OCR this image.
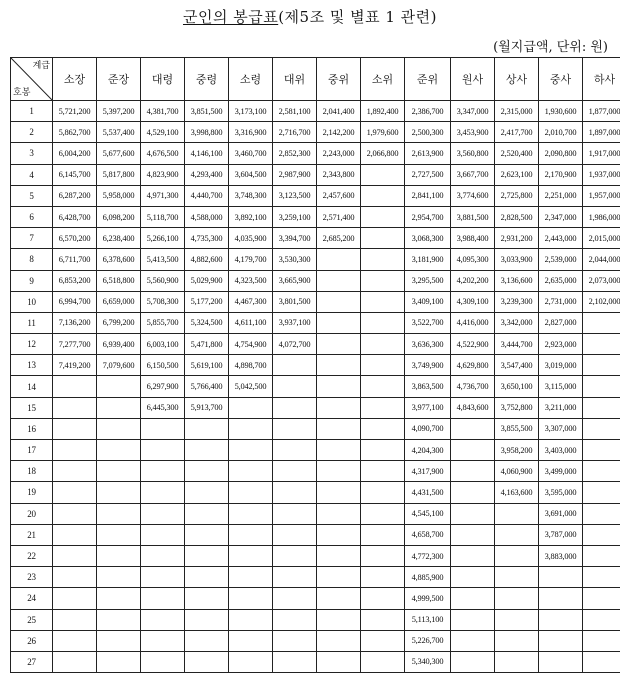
군인의 봉급표(제5조 및 별표 1 관련)
(월지급액, 단위: 원)
계급
호봉	소장	준장	대령	중령	소령	대위	중위	소위	준위	원사	상사	중사	하사
1	5,721,200	5,397,200	4,381,700	3,851,500	3,173,100	2,581,100	2,041,400	1,892,400	2,386,700	3,347,000	2,315,000	1,930,600	1,877,000
2	5,862,700	5,537,400	4,529,100	3,998,800	3,316,900	2,716,700	2,142,200	1,979,600	2,500,300	3,453,900	2,417,700	2,010,700	1,897,000
3	6,004,200	5,677,600	4,676,500	4,146,100	3,460,700	2,852,300	2,243,000	2,066,800	2,613,900	3,560,800	2,520,400	2,090,800	1,917,000
4	6,145,700	5,817,800	4,823,900	4,293,400	3,604,500	2,987,900	2,343,800		2,727,500	3,667,700	2,623,100	2,170,900	1,937,000
5	6,287,200	5,958,000	4,971,300	4,440,700	3,748,300	3,123,500	2,457,600		2,841,100	3,774,600	2,725,800	2,251,000	1,957,000
6	6,428,700	6,098,200	5,118,700	4,588,000	3,892,100	3,259,100	2,571,400		2,954,700	3,881,500	2,828,500	2,347,000	1,986,000
7	6,570,200	6,238,400	5,266,100	4,735,300	4,035,900	3,394,700	2,685,200		3,068,300	3,988,400	2,931,200	2,443,000	2,015,000
8	6,711,700	6,378,600	5,413,500	4,882,600	4,179,700	3,530,300			3,181,900	4,095,300	3,033,900	2,539,000	2,044,000
9	6,853,200	6,518,800	5,560,900	5,029,900	4,323,500	3,665,900			3,295,500	4,202,200	3,136,600	2,635,000	2,073,000
10	6,994,700	6,659,000	5,708,300	5,177,200	4,467,300	3,801,500			3,409,100	4,309,100	3,239,300	2,731,000	2,102,000
11	7,136,200	6,799,200	5,855,700	5,324,500	4,611,100	3,937,100			3,522,700	4,416,000	3,342,000	2,827,000	
12	7,277,700	6,939,400	6,003,100	5,471,800	4,754,900	4,072,700			3,636,300	4,522,900	3,444,700	2,923,000	
13	7,419,200	7,079,600	6,150,500	5,619,100	4,898,700				3,749,900	4,629,800	3,547,400	3,019,000	
14			6,297,900	5,766,400	5,042,500				3,863,500	4,736,700	3,650,100	3,115,000	
15			6,445,300	5,913,700					3,977,100	4,843,600	3,752,800	3,211,000	
16									4,090,700		3,855,500	3,307,000	
17									4,204,300		3,958,200	3,403,000	
18									4,317,900		4,060,900	3,499,000	
19									4,431,500		4,163,600	3,595,000	
20									4,545,100			3,691,000	
21									4,658,700			3,787,000	
22									4,772,300			3,883,000	
23									4,885,900				
24									4,999,500				
25									5,113,100				
26									5,226,700				
27									5,340,300				
